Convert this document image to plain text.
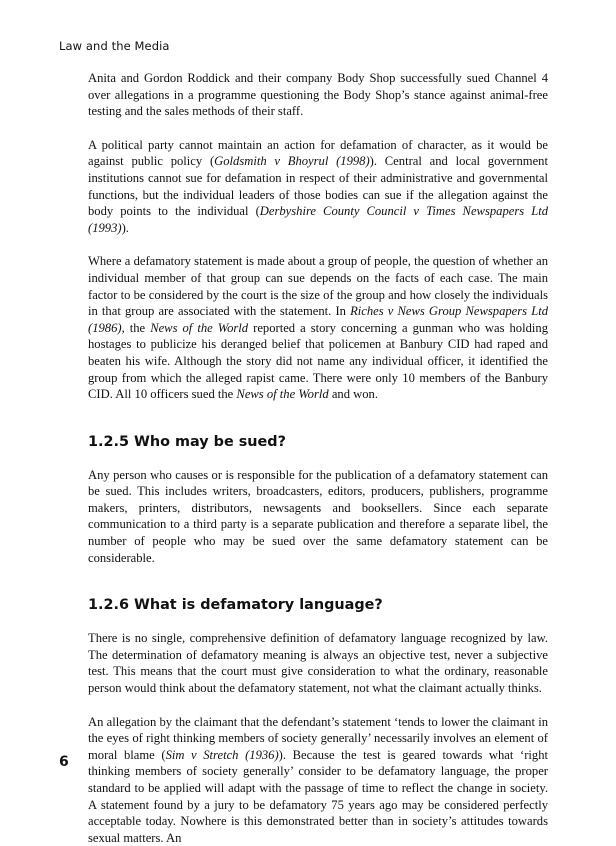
Law and the Media

Anita and Gordon Roddick and their company Body Shop successfully sued Channel 4 over allegations in a programme questioning the Body Shop’s stance against animal-free testing and the sales methods of their staff.

A political party cannot maintain an action for defamation of character, as it would be against public policy (Goldsmith v Bhoyrul (1998)). Central and local government institutions cannot sue for defamation in respect of their administrative and governmental functions, but the individual leaders of those bodies can sue if the allegation against the body points to the individual (Derbyshire County Council v Times Newspapers Ltd (1993)).

Where a defamatory statement is made about a group of people, the question of whether an individual member of that group can sue depends on the facts of each case. The main factor to be considered by the court is the size of the group and how closely the individuals in that group are associated with the statement. In Riches v News Group Newspapers Ltd (1986), the News of the World reported a story concerning a gunman who was holding hostages to publicize his deranged belief that policemen at Banbury CID had raped and beaten his wife. Although the story did not name any individual officer, it identified the group from which the alleged rapist came. There were only 10 members of the Banbury CID. All 10 officers sued the News of the World and won.

1.2.5 Who may be sued?

Any person who causes or is responsible for the publication of a defamatory statement can be sued. This includes writers, broadcasters, editors, producers, publishers, programme makers, printers, distributors, newsagents and booksellers. Since each separate communication to a third party is a separate publication and therefore a separate libel, the number of people who may be sued over the same defamatory statement can be considerable.

1.2.6 What is defamatory language?

There is no single, comprehensive definition of defamatory language recognized by law. The determination of defamatory meaning is always an objective test, never a subjective test. This means that the court must give consideration to what the ordinary, reasonable person would think about the defamatory statement, not what the claimant actually thinks.

An allegation by the claimant that the defendant’s statement ‘tends to lower the claimant in the eyes of right thinking members of society generally’ necessarily involves an element of moral blame (Sim v Stretch (1936)). Because the test is geared towards what ‘right thinking members of society generally’ consider to be defamatory language, the proper standard to be applied will adapt with the passage of time to reflect the change in society. A statement found by a jury to be defamatory 75 years ago may be considered perfectly acceptable today. Nowhere is this demonstrated better than in society’s attitudes towards sexual matters. An

6
